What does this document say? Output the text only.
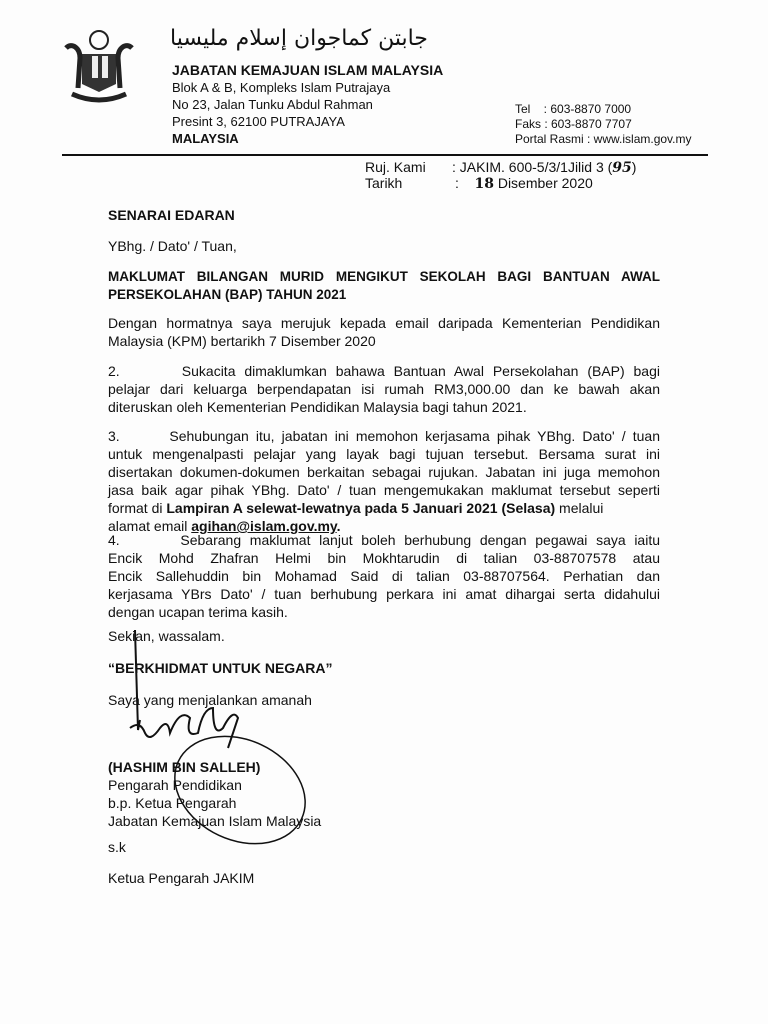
جابتن كماجوان إسلام مليسيا
JABATAN KEMAJUAN ISLAM MALAYSIA
Blok A & B, Kompleks Islam Putrajaya
No 23, Jalan Tunku Abdul Rahman
Presint 3, 62100 PUTRAJAYA
MALAYSIA
Tel    : 603-8870 7000
Faks : 603-8870 7707
Portal Rasmi : www.islam.gov.my
Ruj. Kami : JAKIM. 600-5/3/1Jilid 3 (95)
Tarikh	: 18 Disember 2020
SENARAI EDARAN
YBhg. / Dato' / Tuan,
MAKLUMAT BILANGAN MURID MENGIKUT SEKOLAH BAGI BANTUAN AWAL
PERSEKOLAHAN (BAP) TAHUN 2021
Dengan hormatnya saya merujuk kepada email daripada Kementerian Pendidikan
Malaysia (KPM) bertarikh 7 Disember 2020
2.       Sukacita dimaklumkan bahawa Bantuan Awal Persekolahan (BAP) bagi
pelajar dari keluarga berpendapatan isi rumah RM3,000.00 dan ke bawah akan
diteruskan oleh Kementerian Pendidikan Malaysia bagi tahun 2021.
3.       Sehubungan itu, jabatan ini memohon kerjasama pihak YBhg. Dato' / tuan
untuk mengenalpasti pelajar yang layak bagi tujuan tersebut. Bersama surat ini
disertakan dokumen-dokumen berkaitan sebagai rujukan. Jabatan ini juga memohon
jasa baik agar pihak YBhg. Dato' / tuan mengemukakan maklumat tersebut seperti
format di Lampiran A selewat-lewatnya pada 5 Januari 2021 (Selasa) melalui
alamat email agihan@islam.gov.my.
4.       Sebarang maklumat lanjut boleh berhubung dengan pegawai saya iaitu
Encik Mohd Zhafran Helmi bin Mokhtarudin di talian 03-88707578 atau
Encik Sallehuddin bin Mohamad Said di talian 03-88707564. Perhatian dan
kerjasama YBrs Dato' / tuan berhubung perkara ini amat dihargai serta didahului
dengan ucapan terima kasih.
Sekian, wassalam.
“BERKHIDMAT UNTUK NEGARA”
Saya yang menjalankan amanah
(HASHIM BIN SALLEH)
Pengarah Pendidikan
b.p. Ketua Pengarah
Jabatan Kemajuan Islam Malaysia
s.k
Ketua Pengarah JAKIM
